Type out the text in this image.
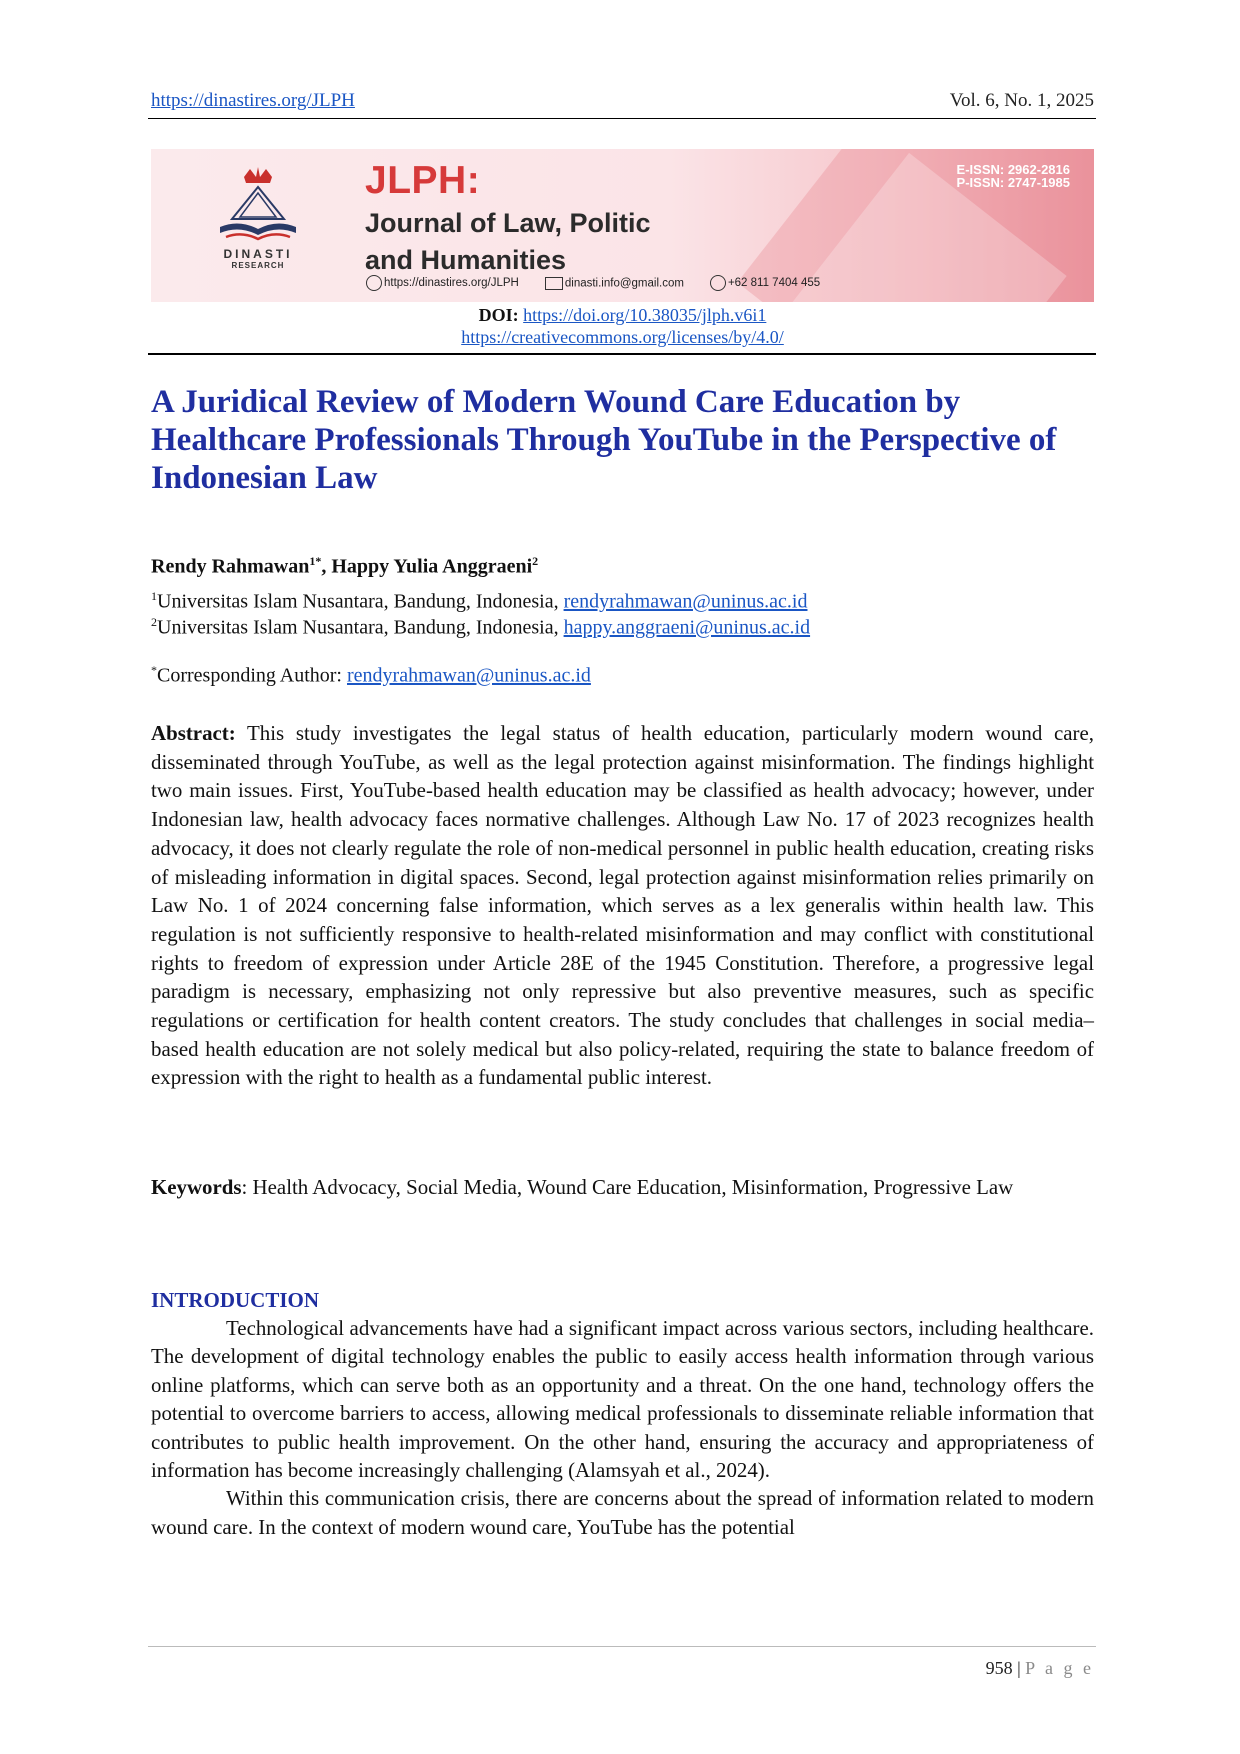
https://dinastires.org/JLPH	Vol. 6, No. 1, 2025
DINASTI
RESEARCH
JLPH:
Journal of Law, Politic
and Humanities
E-ISSN: 2962-2816
P-ISSN: 2747-1985
https://dinastires.org/JLPH	dinasti.info@gmail.com	+62 811 7404 455
DOI: https://doi.org/10.38035/jlph.v6i1
https://creativecommons.org/licenses/by/4.0/
A Juridical Review of Modern Wound Care Education by Healthcare Professionals Through YouTube in the Perspective of Indonesian Law
Rendy Rahmawan$^{1*}$, Happy Yulia Anggraeni$^2$
$^1$Universitas Islam Nusantara, Bandung, Indonesia, rendyrahmawan@uninus.ac.id
$^2$Universitas Islam Nusantara, Bandung, Indonesia, happy.anggraeni@uninus.ac.id
*Corresponding Author: rendyrahmawan@uninus.ac.id

Abstract: This study investigates the legal status of health education, particularly modern wound care, disseminated through YouTube, as well as the legal protection against misinformation. The findings highlight two main issues. First, YouTube-based health education may be classified as health advocacy; however, under Indonesian law, health advocacy faces normative challenges. Although Law No. 17 of 2023 recognizes health advocacy, it does not clearly regulate the role of non-medical personnel in public health education, creating risks of misleading information in digital spaces. Second, legal protection against misinformation relies primarily on Law No. 1 of 2024 concerning false information, which serves as a lex generalis within health law. This regulation is not sufficiently responsive to health-related misinformation and may conflict with constitutional rights to freedom of expression under Article 28E of the 1945 Constitution. Therefore, a progressive legal paradigm is necessary, emphasizing not only repressive but also preventive measures, such as specific regulations or certification for health content creators. The study concludes that challenges in social media–based health education are not solely medical but also policy-related, requiring the state to balance freedom of expression with the right to health as a fundamental public interest.

Keywords: Health Advocacy, Social Media, Wound Care Education, Misinformation, Progressive Law

INTRODUCTION

Technological advancements have had a significant impact across various sectors, including healthcare. The development of digital technology enables the public to easily access health information through various online platforms, which can serve both as an opportunity and a threat. On the one hand, technology offers the potential to overcome barriers to access, allowing medical professionals to disseminate reliable information that contributes to public health improvement. On the other hand, ensuring the accuracy and appropriateness of information has become increasingly challenging (Alamsyah et al., 2024).

Within this communication crisis, there are concerns about the spread of information related to modern wound care. In the context of modern wound care, YouTube has the potential

958 | P a g e
